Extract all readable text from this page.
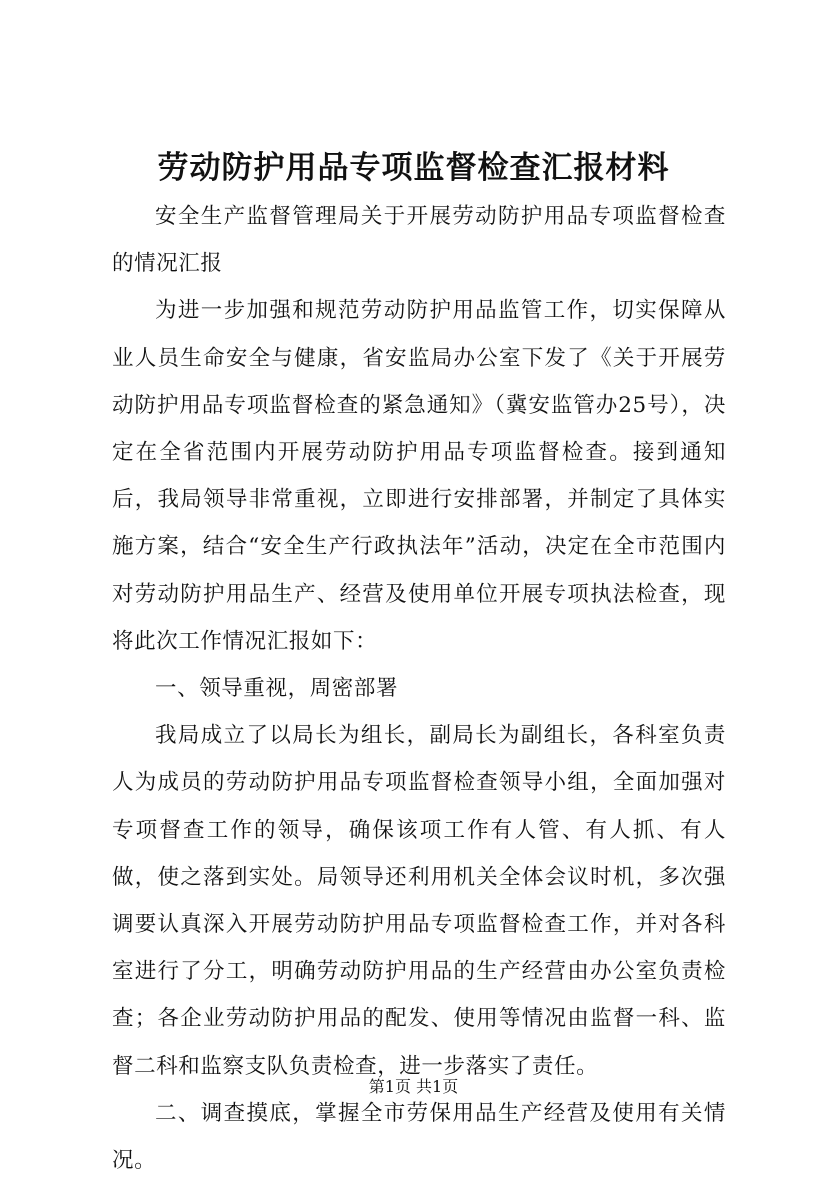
劳动防护用品专项监督检查汇报材料

安全生产监督管理局关于开展劳动防护用品专项监督检查的情况汇报

为进一步加强和规范劳动防护用品监管工作，切实保障从业人员生命安全与健康，省安监局办公室下发了《关于开展劳动防护用品专项监督检查的紧急通知》（冀安监管办25号），决定在全省范围内开展劳动防护用品专项监督检查。接到通知后，我局领导非常重视，立即进行安排部署，并制定了具体实施方案，结合“安全生产行政执法年”活动，决定在全市范围内对劳动防护用品生产、经营及使用单位开展专项执法检查，现将此次工作情况汇报如下：

一、领导重视，周密部署

我局成立了以局长为组长，副局长为副组长，各科室负责人为成员的劳动防护用品专项监督检查领导小组，全面加强对专项督查工作的领导，确保该项工作有人管、有人抓、有人做，使之落到实处。局领导还利用机关全体会议时机，多次强调要认真深入开展劳动防护用品专项监督检查工作，并对各科室进行了分工，明确劳动防护用品的生产经营由办公室负责检查；各企业劳动防护用品的配发、使用等情况由监督一科、监督二科和监察支队负责检查，进一步落实了责任。

二、调查摸底，掌握全市劳保用品生产经营及使用有关情况。

第1页 共1页
